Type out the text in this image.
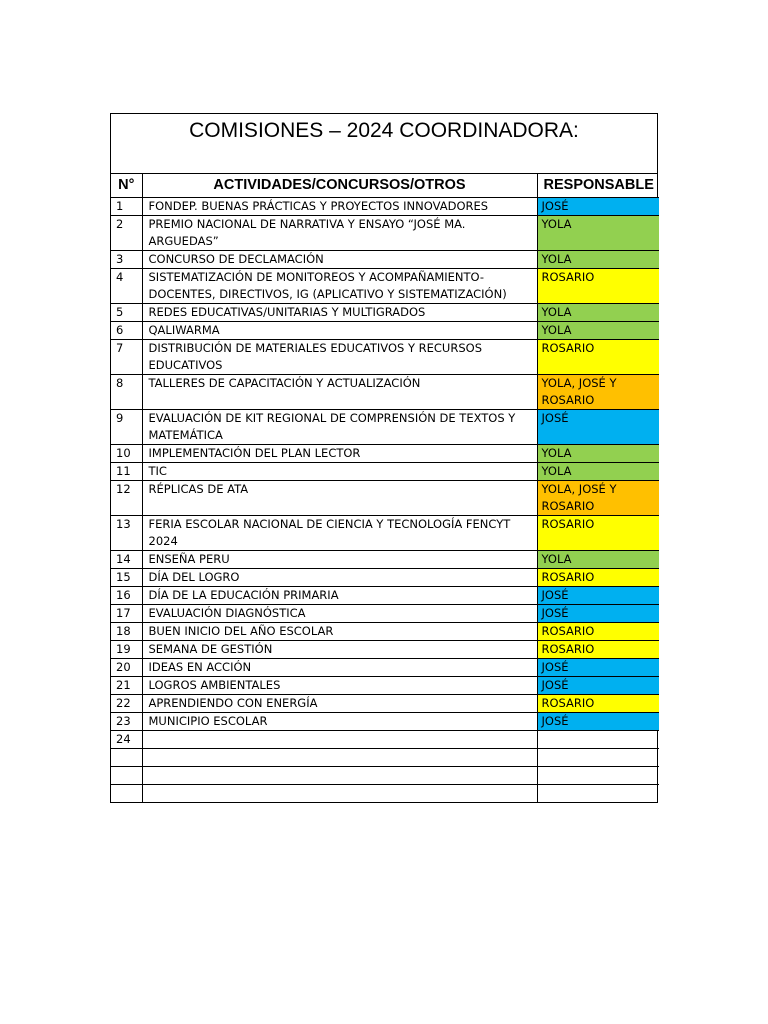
COMISIONES – 2024 COORDINADORA:
N°	ACTIVIDADES/CONCURSOS/OTROS	RESPONSABLE
1	FONDEP. BUENAS PRÁCTICAS Y PROYECTOS INNOVADORES	JOSÉ
2	PREMIO NACIONAL DE NARRATIVA Y ENSAYO “JOSÉ MA. ARGUEDAS”	YOLA
3	CONCURSO DE DECLAMACIÓN	YOLA
4	SISTEMATIZACIÓN DE MONITOREOS Y ACOMPAÑAMIENTO-DOCENTES, DIRECTIVOS, IG (APLICATIVO Y SISTEMATIZACIÓN)	ROSARIO
5	REDES EDUCATIVAS/UNITARIAS Y MULTIGRADOS	YOLA
6	QALIWARMA	YOLA
7	DISTRIBUCIÓN DE MATERIALES EDUCATIVOS Y RECURSOS EDUCATIVOS	ROSARIO
8	TALLERES DE CAPACITACIÓN Y ACTUALIZACIÓN	YOLA, JOSÉ Y ROSARIO
9	EVALUACIÓN DE KIT REGIONAL DE COMPRENSIÓN DE TEXTOS Y MATEMÁTICA	JOSÉ
10	IMPLEMENTACIÓN DEL PLAN LECTOR	YOLA
11	TIC	YOLA
12	RÉPLICAS DE ATA	YOLA, JOSÉ Y ROSARIO
13	FERIA ESCOLAR NACIONAL DE CIENCIA Y TECNOLOGÍA FENCYT 2024	ROSARIO
14	ENSEÑA PERU	YOLA
15	DÍA DEL LOGRO	ROSARIO
16	DÍA DE LA EDUCACIÓN PRIMARIA	JOSÉ
17	EVALUACIÓN DIAGNÓSTICA	JOSÉ
18	BUEN INICIO DEL AÑO ESCOLAR	ROSARIO
19	SEMANA DE GESTIÓN	ROSARIO
20	IDEAS EN ACCIÓN	JOSÉ
21	LOGROS AMBIENTALES	JOSÉ
22	APRENDIENDO CON ENERGÍA	ROSARIO
23	MUNICIPIO ESCOLAR	JOSÉ
24		
